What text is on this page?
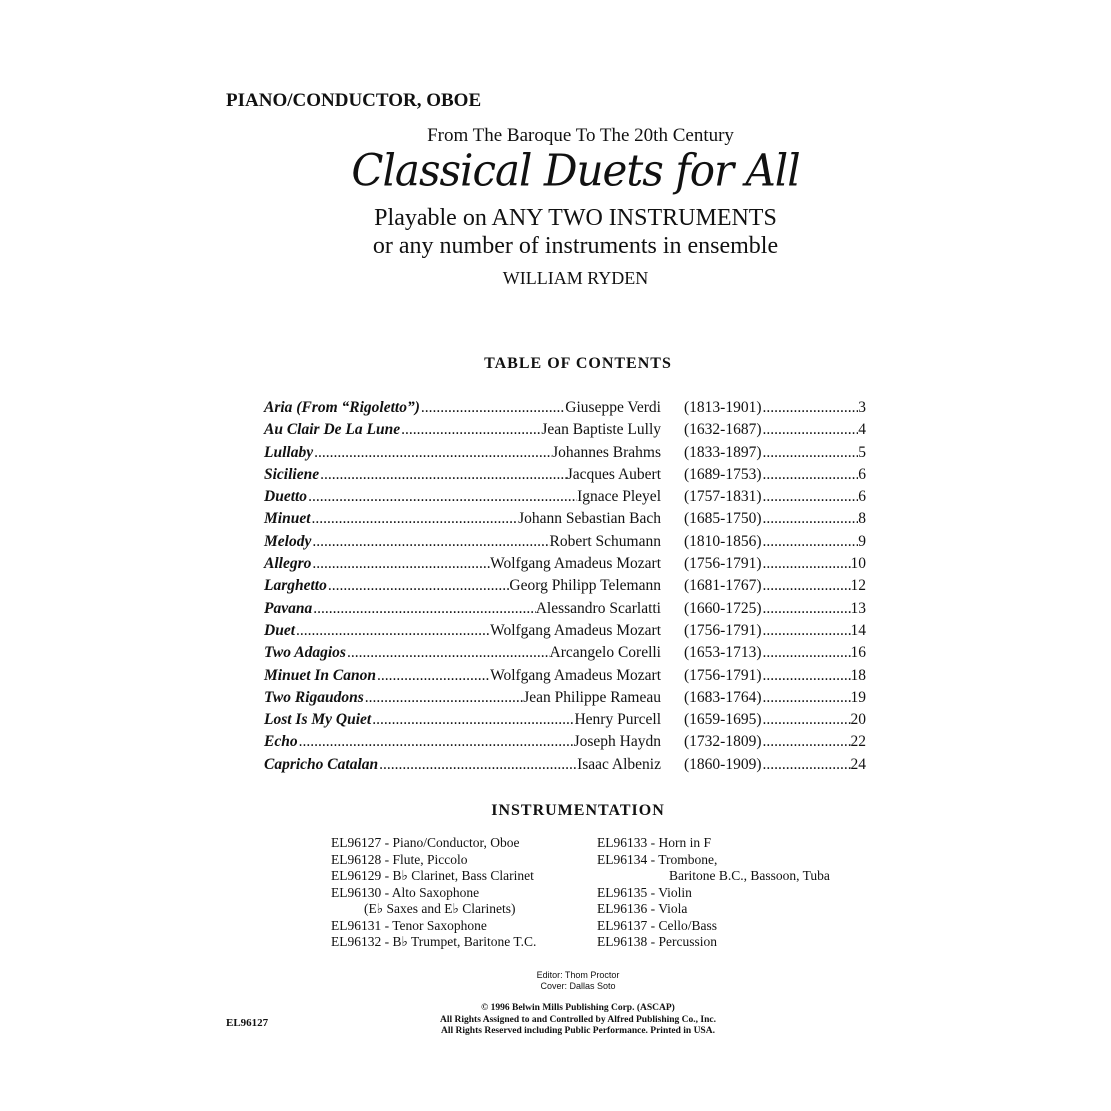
PIANO/CONDUCTOR, OBOE
From The Baroque To The 20th Century
Classical Duets for All
Playable on ANY TWO INSTRUMENTS
or any number of instruments in ensemble
WILLIAM RYDEN
TABLE OF CONTENTS
Aria (From “Rigoletto”) .....	Giuseppe Verdi (1813-1901) .....	3
Au Clair De La Lune .....	Jean Baptiste Lully (1632-1687) .....	4
Lullaby .....	Johannes Brahms (1833-1897) .....	5
Siciliene .....	Jacques Aubert (1689-1753) .....	6
Duetto .....	Ignace Pleyel (1757-1831) .....	6
Minuet .....	Johann Sebastian Bach (1685-1750) .....	8
Melody .....	Robert Schumann (1810-1856) .....	9
Allegro .....	Wolfgang Amadeus Mozart (1756-1791) .....	10
Larghetto .....	Georg Philipp Telemann (1681-1767) .....	12
Pavana .....	Alessandro Scarlatti (1660-1725) .....	13
Duet .....	Wolfgang Amadeus Mozart (1756-1791) .....	14
Two Adagios .....	Arcangelo Corelli (1653-1713) .....	16
Minuet In Canon .....	Wolfgang Amadeus Mozart (1756-1791) .....	18
Two Rigaudons .....	Jean Philippe Rameau (1683-1764) .....	19
Lost Is My Quiet .....	Henry Purcell (1659-1695) .....	20
Echo .....	Joseph Haydn (1732-1809) .....	22
Capricho Catalan .....	Isaac Albeniz (1860-1909) .....	24
INSTRUMENTATION
EL96127 - Piano/Conductor, Oboe
EL96128 - Flute, Piccolo
EL96129 - B♭ Clarinet, Bass Clarinet
EL96130 - Alto Saxophone
(E♭ Saxes and E♭ Clarinets)
EL96131 - Tenor Saxophone
EL96132 - B♭ Trumpet, Baritone T.C.
EL96133 - Horn in F
EL96134 - Trombone,
Baritone B.C., Bassoon, Tuba
EL96135 - Violin
EL96136 - Viola
EL96137 - Cello/Bass
EL96138 - Percussion
Editor: Thom Proctor
Cover: Dallas Soto
© 1996 Belwin Mills Publishing Corp. (ASCAP)
All Rights Assigned to and Controlled by Alfred Publishing Co., Inc.
All Rights Reserved including Public Performance. Printed in USA.
EL96127
